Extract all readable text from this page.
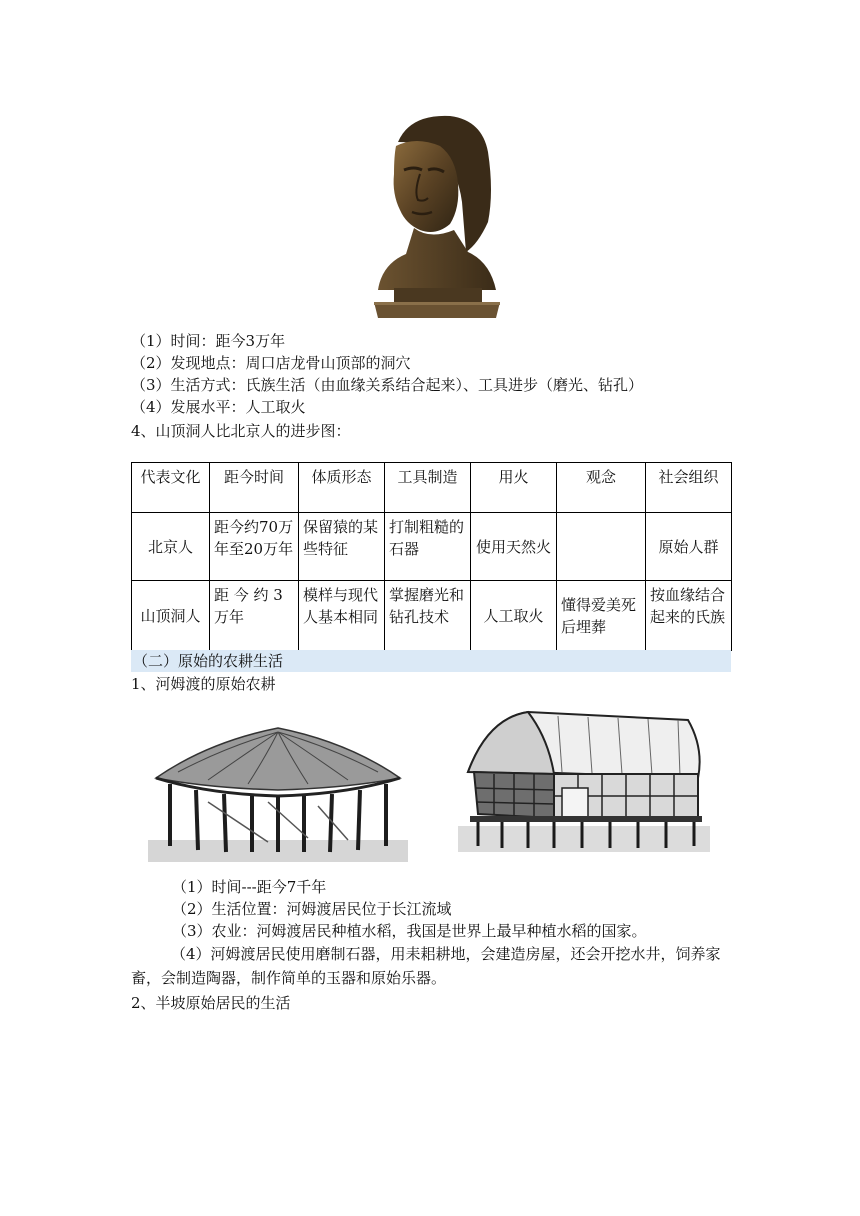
（1）时间：距今3万年
（2）发现地点：周口店龙骨山顶部的洞穴
（3）生活方式：氏族生活（由血缘关系结合起来）、工具进步（磨光、钻孔）
（4）发展水平：人工取火
4、山顶洞人比北京人的进步图：
代表文化	距今时间	体质形态	工具制造	用火	观念	社会组织
北京人	距今约70万年至20万年	保留猿的某些特征	打制粗糙的石器	使用天然火		原始人群
山顶洞人	距 今 约 3万年	模样与现代人基本相同	掌握磨光和钻孔技术	人工取火	懂得爱美死后埋葬	按血缘结合起来的氏族
（二）原始的农耕生活
1、河姆渡的原始农耕
（1）时间---距今7千年
（2）生活位置：河姆渡居民位于长江流域
（3）农业：河姆渡居民种植水稻，我国是世界上最早种植水稻的国家。
（4）河姆渡居民使用磨制石器，用耒耜耕地，会建造房屋，还会开挖水井，饲养家畜，会制造陶器，制作简单的玉器和原始乐器。
2、半坡原始居民的生活
